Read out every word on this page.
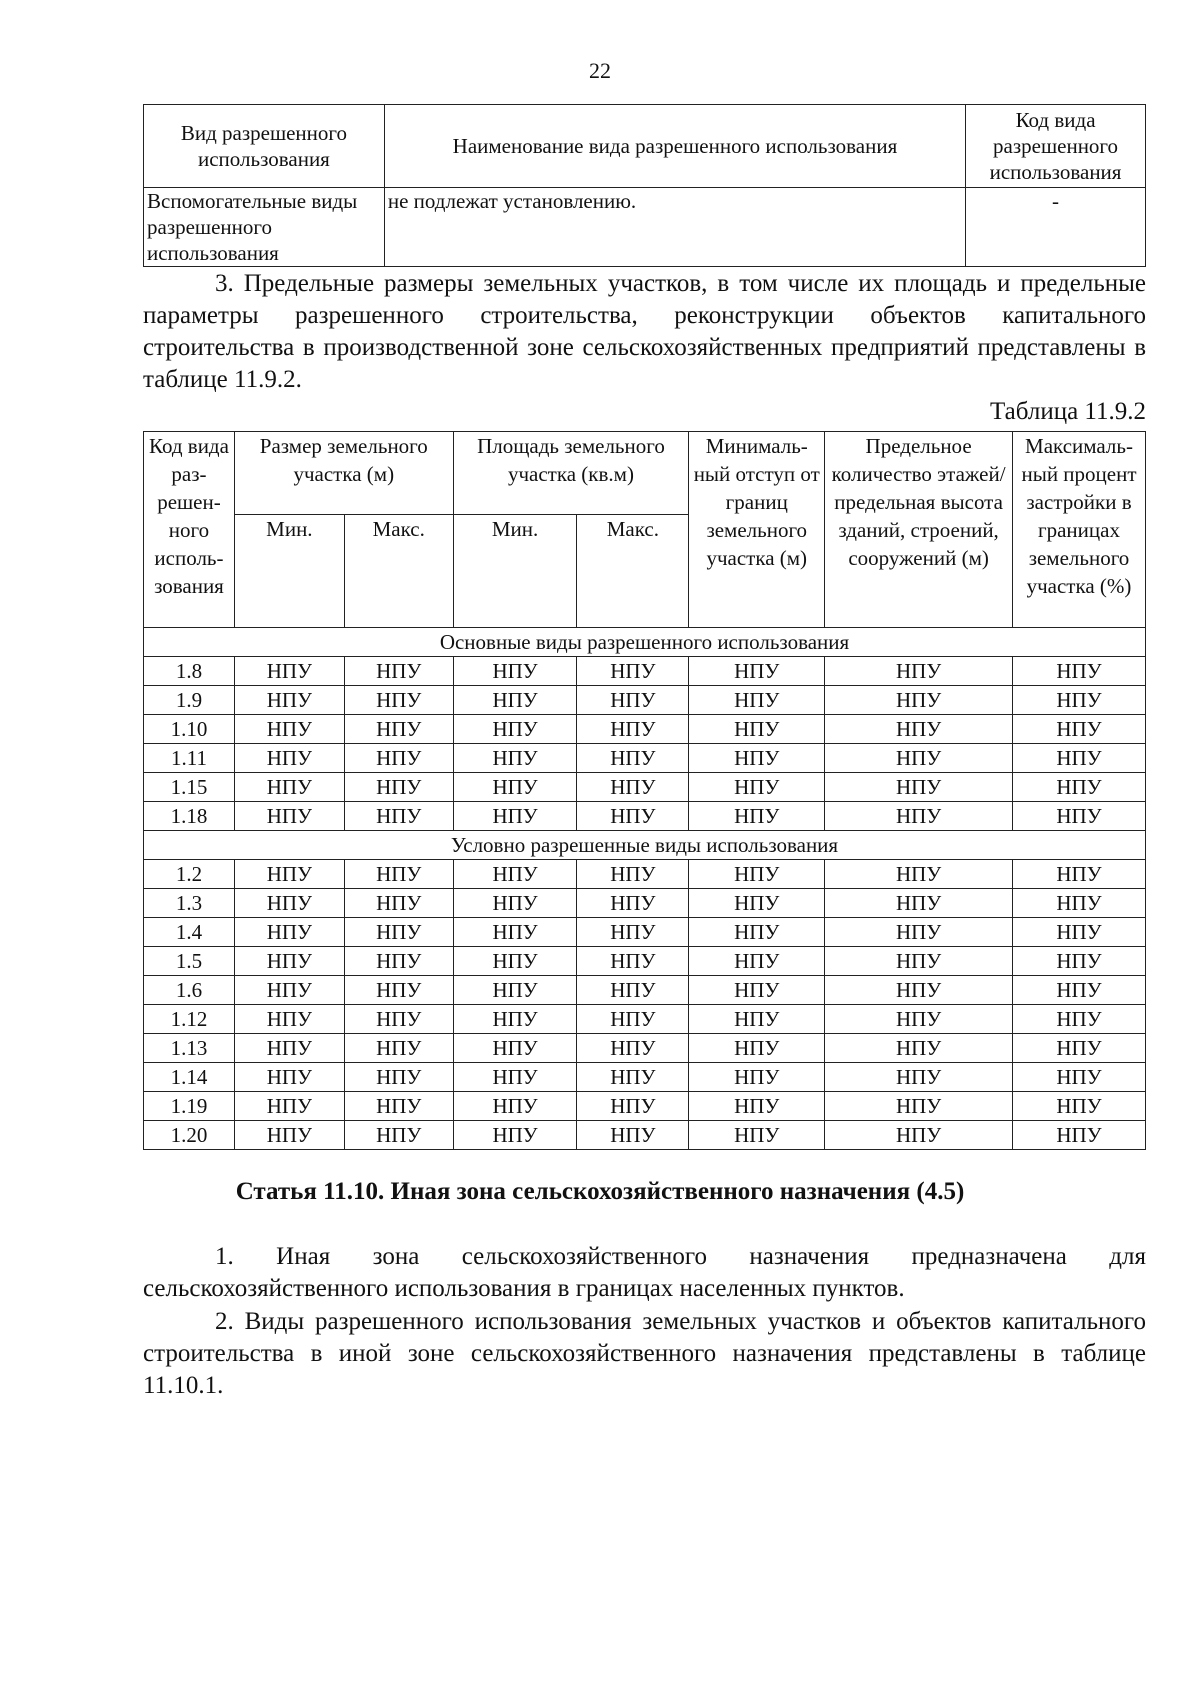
22
Вид разрешенного использования	Наименование вида разрешенного использования	Код вида разрешенного использования
Вспомогательные виды разрешенного использования	не подлежат установлению.	-
3. Предельные размеры земельных участков, в том числе их площадь и предельные параметры разрешенного строительства, реконструкции объектов капитального строительства в производственной зоне сельскохозяйственных предприятий представлены в таблице 11.9.2.
Таблица 11.9.2
Код вида раз-решен-ного исполь-зования	Размер земельного участка (м)		Площадь земельного участка (кв.м)		Минималь-ный отступ от границ земельного участка (м)	Предельное количество этажей/ предельная высота зданий, строений, сооружений (м)	Максималь-ный процент застройки в границах земельного участка (%)
	Мин.	Макс.	Мин.	Макс.			
Основные виды разрешенного использования							
1.8	НПУ	НПУ	НПУ	НПУ	НПУ	НПУ	НПУ
1.9	НПУ	НПУ	НПУ	НПУ	НПУ	НПУ	НПУ
1.10	НПУ	НПУ	НПУ	НПУ	НПУ	НПУ	НПУ
1.11	НПУ	НПУ	НПУ	НПУ	НПУ	НПУ	НПУ
1.15	НПУ	НПУ	НПУ	НПУ	НПУ	НПУ	НПУ
1.18	НПУ	НПУ	НПУ	НПУ	НПУ	НПУ	НПУ
Условно разрешенные виды использования							
1.2	НПУ	НПУ	НПУ	НПУ	НПУ	НПУ	НПУ
1.3	НПУ	НПУ	НПУ	НПУ	НПУ	НПУ	НПУ
1.4	НПУ	НПУ	НПУ	НПУ	НПУ	НПУ	НПУ
1.5	НПУ	НПУ	НПУ	НПУ	НПУ	НПУ	НПУ
1.6	НПУ	НПУ	НПУ	НПУ	НПУ	НПУ	НПУ
1.12	НПУ	НПУ	НПУ	НПУ	НПУ	НПУ	НПУ
1.13	НПУ	НПУ	НПУ	НПУ	НПУ	НПУ	НПУ
1.14	НПУ	НПУ	НПУ	НПУ	НПУ	НПУ	НПУ
1.19	НПУ	НПУ	НПУ	НПУ	НПУ	НПУ	НПУ
1.20	НПУ	НПУ	НПУ	НПУ	НПУ	НПУ	НПУ
Статья 11.10. Иная зона сельскохозяйственного назначения (4.5)
1. Иная зона сельскохозяйственного назначения предназначена для сельскохозяйственного использования в границах населенных пунктов.
2. Виды разрешенного использования земельных участков и объектов капитального строительства в иной зоне сельскохозяйственного назначения представлены в таблице 11.10.1.
